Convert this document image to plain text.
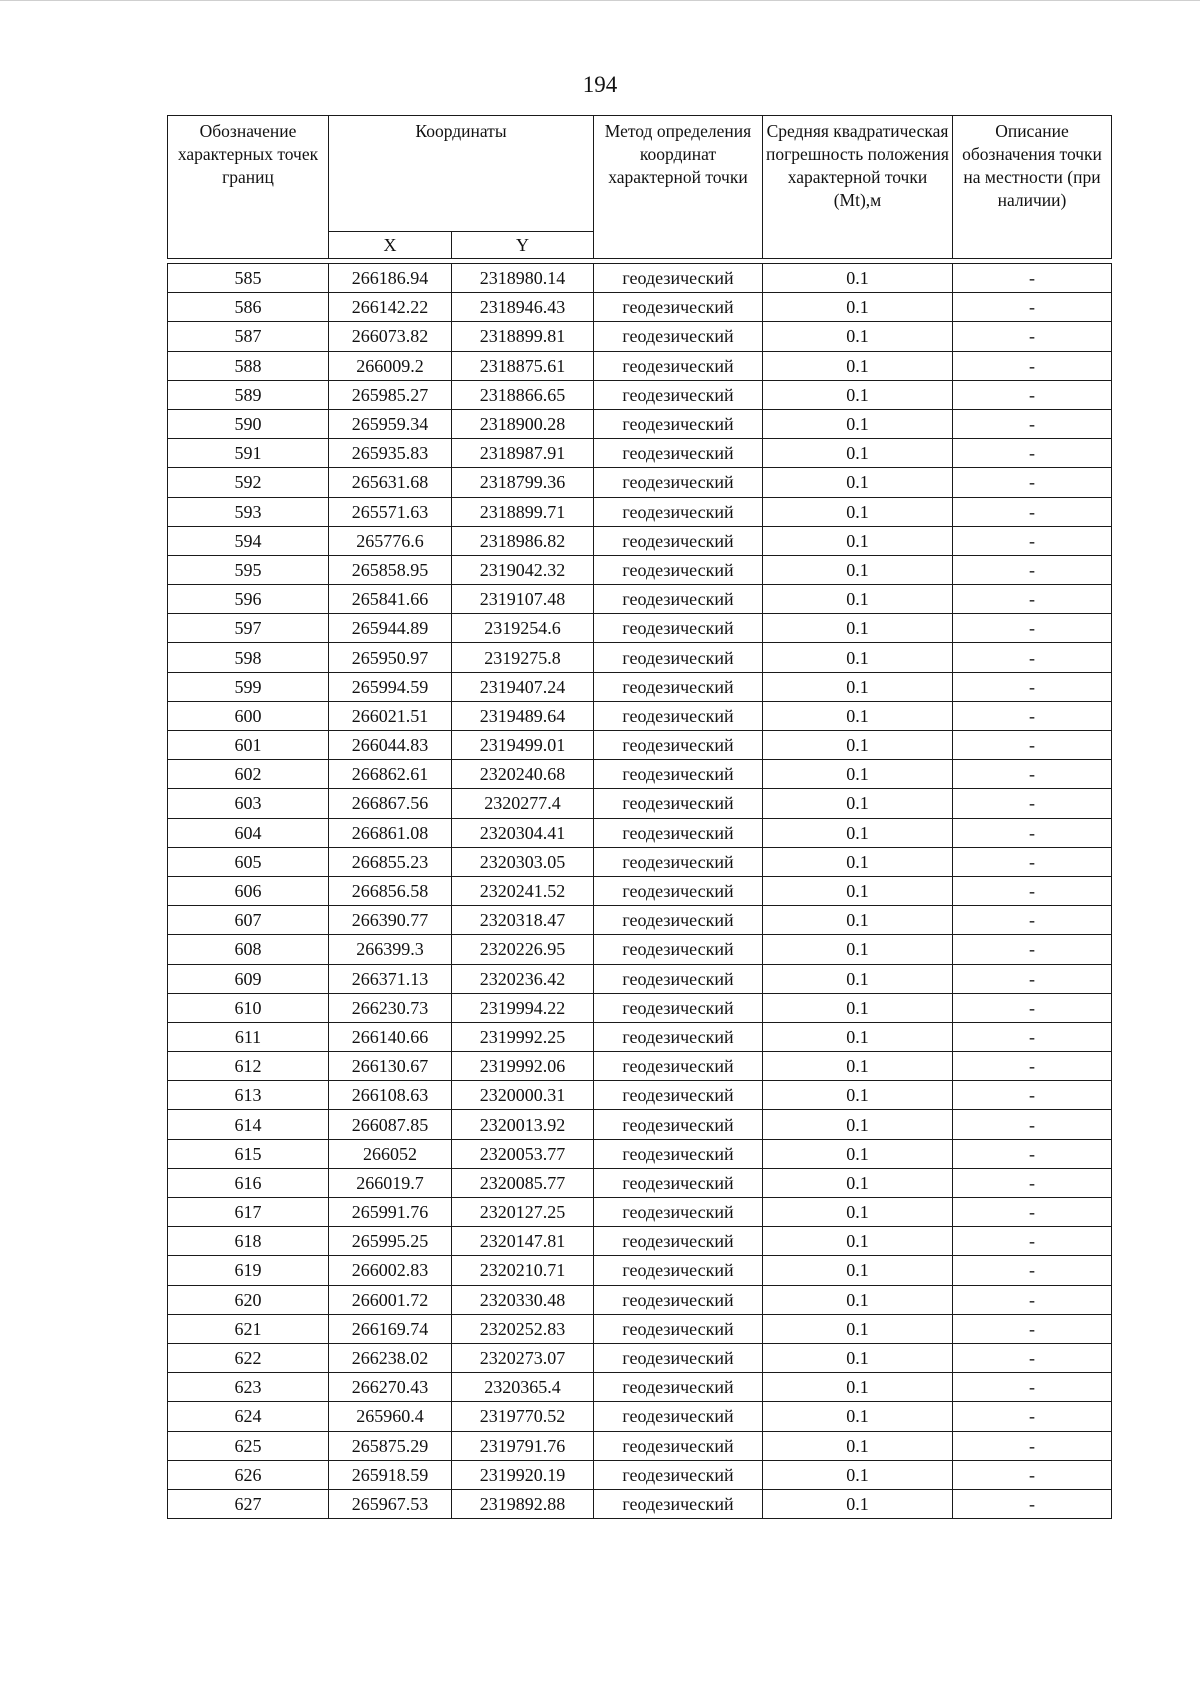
194
Обозначение характерных точек границ	Координаты		Метод определения координат характерной точки	Средняя квадратическая погрешность положения характерной точки (Mt),м	Описание обозначения точки на местности (при наличии)
	X	Y			

585	266186.94	2318980.14	геодезический	0.1	-
586	266142.22	2318946.43	геодезический	0.1	-
587	266073.82	2318899.81	геодезический	0.1	-
588	266009.2	2318875.61	геодезический	0.1	-
589	265985.27	2318866.65	геодезический	0.1	-
590	265959.34	2318900.28	геодезический	0.1	-
591	265935.83	2318987.91	геодезический	0.1	-
592	265631.68	2318799.36	геодезический	0.1	-
593	265571.63	2318899.71	геодезический	0.1	-
594	265776.6	2318986.82	геодезический	0.1	-
595	265858.95	2319042.32	геодезический	0.1	-
596	265841.66	2319107.48	геодезический	0.1	-
597	265944.89	2319254.6	геодезический	0.1	-
598	265950.97	2319275.8	геодезический	0.1	-
599	265994.59	2319407.24	геодезический	0.1	-
600	266021.51	2319489.64	геодезический	0.1	-
601	266044.83	2319499.01	геодезический	0.1	-
602	266862.61	2320240.68	геодезический	0.1	-
603	266867.56	2320277.4	геодезический	0.1	-
604	266861.08	2320304.41	геодезический	0.1	-
605	266855.23	2320303.05	геодезический	0.1	-
606	266856.58	2320241.52	геодезический	0.1	-
607	266390.77	2320318.47	геодезический	0.1	-
608	266399.3	2320226.95	геодезический	0.1	-
609	266371.13	2320236.42	геодезический	0.1	-
610	266230.73	2319994.22	геодезический	0.1	-
611	266140.66	2319992.25	геодезический	0.1	-
612	266130.67	2319992.06	геодезический	0.1	-
613	266108.63	2320000.31	геодезический	0.1	-
614	266087.85	2320013.92	геодезический	0.1	-
615	266052	2320053.77	геодезический	0.1	-
616	266019.7	2320085.77	геодезический	0.1	-
617	265991.76	2320127.25	геодезический	0.1	-
618	265995.25	2320147.81	геодезический	0.1	-
619	266002.83	2320210.71	геодезический	0.1	-
620	266001.72	2320330.48	геодезический	0.1	-
621	266169.74	2320252.83	геодезический	0.1	-
622	266238.02	2320273.07	геодезический	0.1	-
623	266270.43	2320365.4	геодезический	0.1	-
624	265960.4	2319770.52	геодезический	0.1	-
625	265875.29	2319791.76	геодезический	0.1	-
626	265918.59	2319920.19	геодезический	0.1	-
627	265967.53	2319892.88	геодезический	0.1	-
